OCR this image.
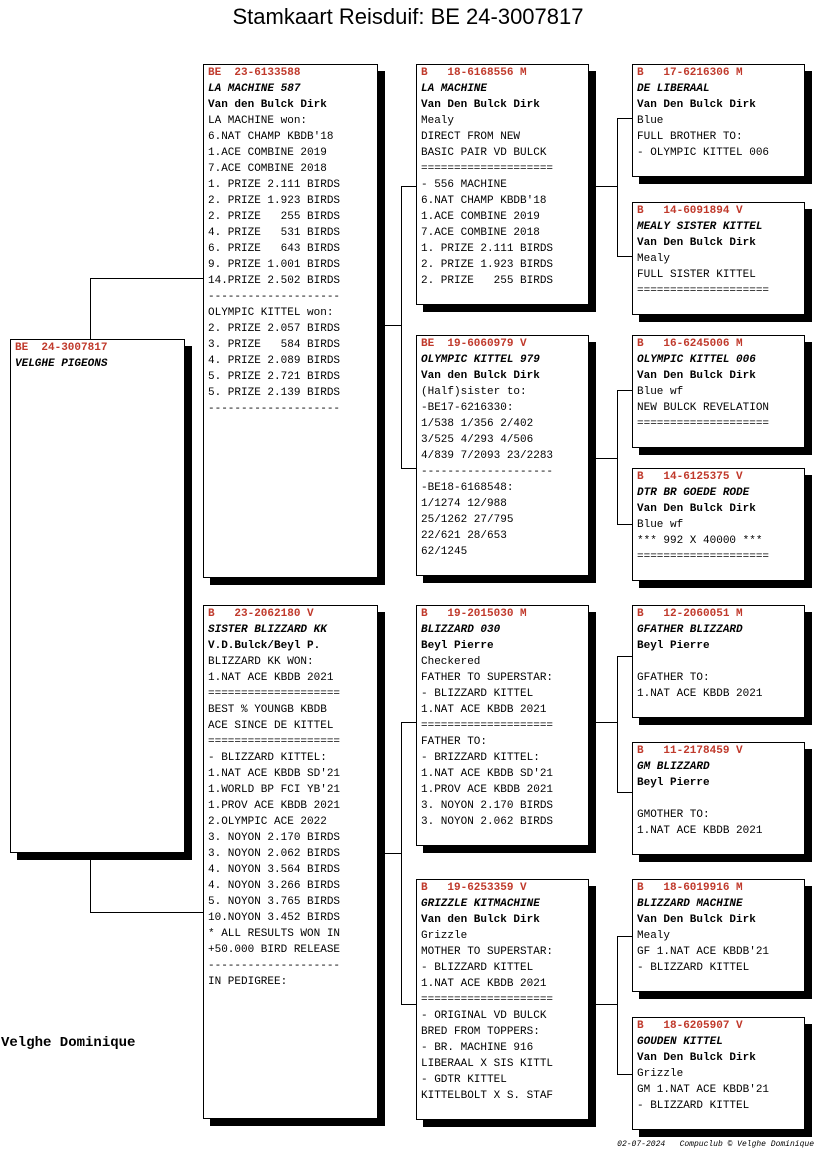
Stamkaart Reisduif: BE 24-3007817
BE  24-3007817
VELGHE PIGEONS
BE  23-6133588
LA MACHINE 587
Van den Bulck Dirk
LA MACHINE won:
6.NAT CHAMP KBDB'18
1.ACE COMBINE 2019
7.ACE COMBINE 2018
1. PRIZE 2.111 BIRDS
2. PRIZE 1.923 BIRDS
2. PRIZE   255 BIRDS
4. PRIZE   531 BIRDS
6. PRIZE   643 BIRDS
9. PRIZE 1.001 BIRDS
14.PRIZE 2.502 BIRDS
--------------------
OLYMPIC KITTEL won:
2. PRIZE 2.057 BIRDS
3. PRIZE   584 BIRDS
4. PRIZE 2.089 BIRDS
5. PRIZE 2.721 BIRDS
5. PRIZE 2.139 BIRDS
--------------------
B   23-2062180 V
SISTER BLIZZARD KK
V.D.Bulck/Beyl P.
BLIZZARD KK WON:
1.NAT ACE KBDB 2021
====================
BEST % YOUNGB KBDB
ACE SINCE DE KITTEL
====================
- BLIZZARD KITTEL:
1.NAT ACE KBDB SD'21
1.WORLD BP FCI YB'21
1.PROV ACE KBDB 2021
2.OLYMPIC ACE 2022
3. NOYON 2.170 BIRDS
3. NOYON 2.062 BIRDS
4. NOYON 3.564 BIRDS
4. NOYON 3.266 BIRDS
5. NOYON 3.765 BIRDS
10.NOYON 3.452 BIRDS
* ALL RESULTS WON IN
+50.000 BIRD RELEASE
--------------------
IN PEDIGREE:
B   18-6168556 M
LA MACHINE
Van Den Bulck Dirk
Mealy
DIRECT FROM NEW
BASIC PAIR VD BULCK
====================
- 556 MACHINE
6.NAT CHAMP KBDB'18
1.ACE COMBINE 2019
7.ACE COMBINE 2018
1. PRIZE 2.111 BIRDS
2. PRIZE 1.923 BIRDS
2. PRIZE   255 BIRDS
BE  19-6060979 V
OLYMPIC KITTEL 979
Van den Bulck Dirk
(Half)sister to:
-BE17-6216330:
1/538 1/356 2/402
3/525 4/293 4/506
4/839 7/2093 23/2283
--------------------
-BE18-6168548:
1/1274 12/988
25/1262 27/795
22/621 28/653
62/1245
B   19-2015030 M
BLIZZARD 030
Beyl Pierre
Checkered
FATHER TO SUPERSTAR:
- BLIZZARD KITTEL
1.NAT ACE KBDB 2021
====================
FATHER TO:
- BRIZZARD KITTEL:
1.NAT ACE KBDB SD'21
1.PROV ACE KBDB 2021
3. NOYON 2.170 BIRDS
3. NOYON 2.062 BIRDS
B   19-6253359 V
GRIZZLE KITMACHINE
Van den Bulck Dirk
Grizzle
MOTHER TO SUPERSTAR:
- BLIZZARD KITTEL
1.NAT ACE KBDB 2021
====================
- ORIGINAL VD BULCK
BRED FROM TOPPERS:
- BR. MACHINE 916
LIBERAAL X SIS KITTL
- GDTR KITTEL
KITTELBOLT X S. STAF
B   17-6216306 M
DE LIBERAAL
Van Den Bulck Dirk
Blue
FULL BROTHER TO:
- OLYMPIC KITTEL 006
B   14-6091894 V
MEALY SISTER KITTEL
Van Den Bulck Dirk
Mealy
FULL SISTER KITTEL
====================
B   16-6245006 M
OLYMPIC KITTEL 006
Van Den Bulck Dirk
Blue wf
NEW BULCK REVELATION
====================
B   14-6125375 V
DTR BR GOEDE RODE
Van Den Bulck Dirk
Blue wf
*** 992 X 40000 ***
====================
B   12-2060051 M
GFATHER BLIZZARD
Beyl Pierre
GFATHER TO:
1.NAT ACE KBDB 2021
B   11-2178459 V
GM BLIZZARD
Beyl Pierre
GMOTHER TO:
1.NAT ACE KBDB 2021
B   18-6019916 M
BLIZZARD MACHINE
Van Den Bulck Dirk
Mealy
GF 1.NAT ACE KBDB'21
- BLIZZARD KITTEL
B   18-6205907 V
GOUDEN KITTEL
Van Den Bulck Dirk
Grizzle
GM 1.NAT ACE KBDB'21
- BLIZZARD KITTEL
Velghe Dominique
02-07-2024   Compuclub © Velghe Dominique
